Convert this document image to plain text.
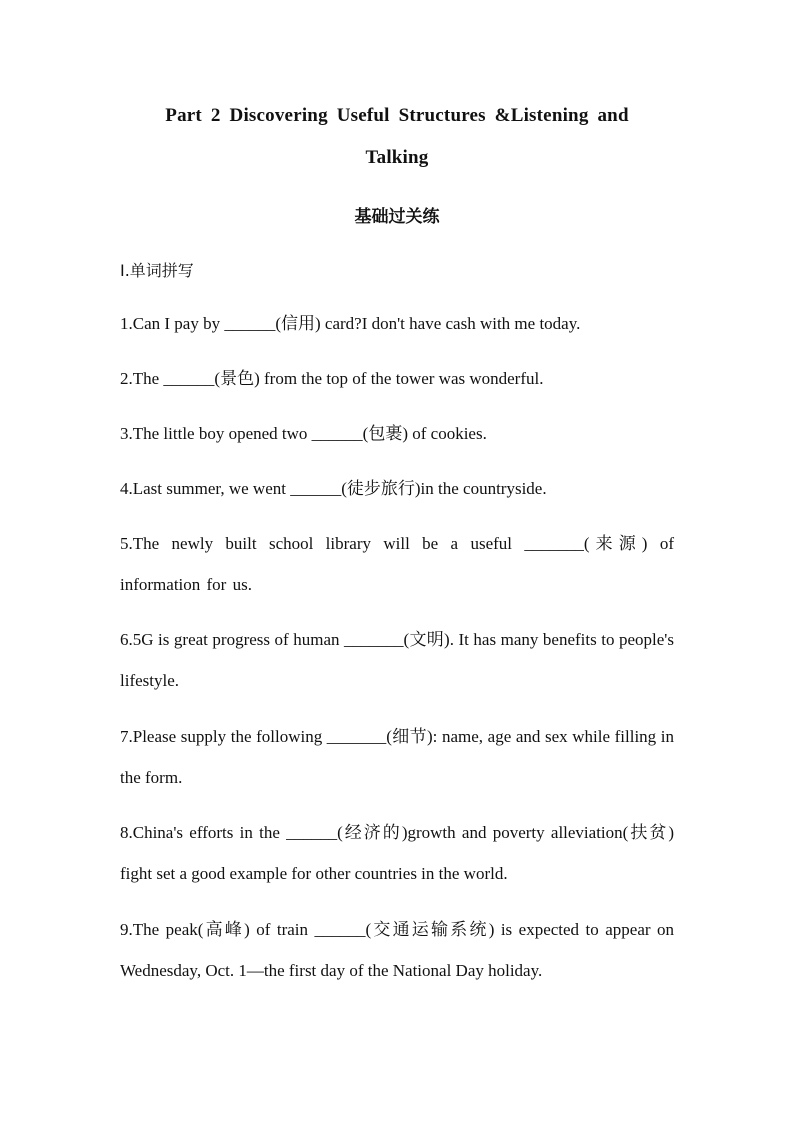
Part 2 Discovering Useful Structures &Listening and
Talking
基础过关练
Ⅰ.单词拼写
1.Can I pay by ______(信用) card?I don't have cash with me today.
2.The ______(景色) from the top of the tower was wonderful.
3.The little boy opened two ______(包裹) of cookies.
4.Last summer, we went ______(徒步旅行)in the countryside.
5.The newly built school library will be a useful _______(来源) of information for us.
6.5G is great progress of human _______(文明). It has many benefits to people's lifestyle.
7.Please supply the following _______(细节): name, age and sex while filling in the form.
8.China's efforts in the ______(经济的)growth and poverty alleviation(扶贫) fight set a good example for other countries in the world.
9.The peak(高峰) of train ______(交通运输系统) is expected to appear on Wednesday, Oct. 1—the first day of the National Day holiday.
